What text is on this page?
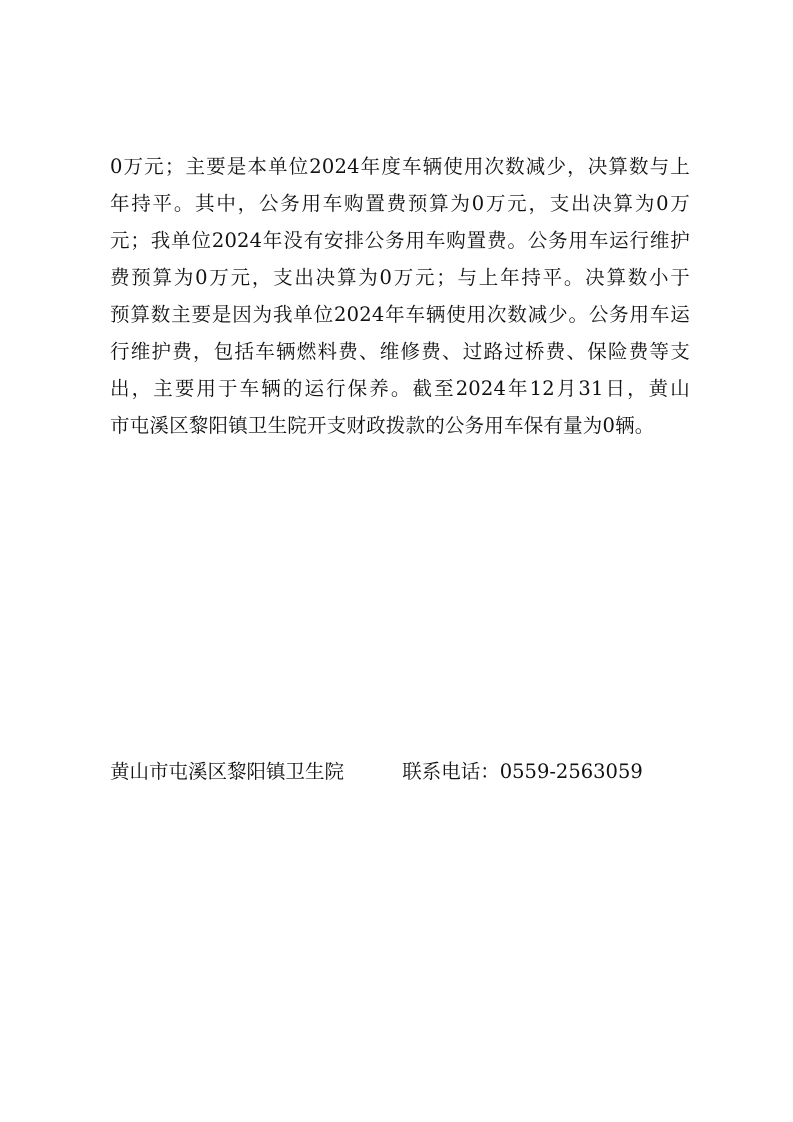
0万元；主要是本单位2024年度车辆使用次数减少，决算数与上
年持平。其中，公务用车购置费预算为0万元，支出决算为0万
元；我单位2024年没有安排公务用车购置费。公务用车运行维护
费预算为0万元，支出决算为0万元；与上年持平。决算数小于
预算数主要是因为我单位2024年车辆使用次数减少。公务用车运
行维护费，包括车辆燃料费、维修费、过路过桥费、保险费等支
出，主要用于车辆的运行保养。截至2024年12月31日，黄山
市屯溪区黎阳镇卫生院开支财政拨款的公务用车保有量为0辆。
黄山市屯溪区黎阳镇卫生院	联系电话：0559-2563059
